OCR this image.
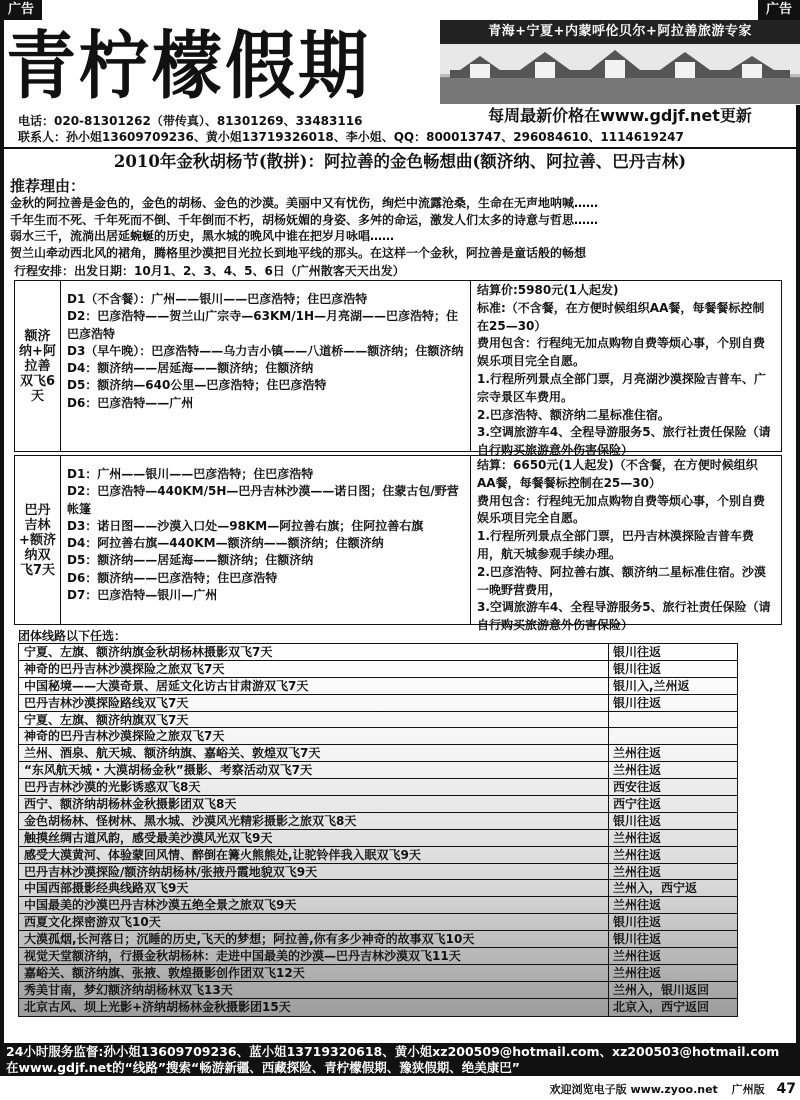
广告	广告
青柠檬假期	青海+宁夏+内蒙呼伦贝尔+阿拉善旅游专家
每周最新价格在www.gdjf.net更新
电话：020-81301262（带传真）、81301269、33483116
联系人：孙小姐13609709236、黄小姐13719326018、李小姐、QQ：800013747、296084610、1114619247
2010年金秋胡杨节(散拼)：阿拉善的金色畅想曲(额济纳、阿拉善、巴丹吉林)
推荐理由：

金秋的阿拉善是金色的，金色的胡杨、金色的沙漠。美丽中又有忧伤，绚烂中流露沧桑，生命在无声地呐喊……

千年生而不死、千年死而不倒、千年倒而不朽，胡杨妩媚的身姿、多舛的命运，激发人们太多的诗意与哲思……

弱水三千，流淌出居延蜿蜒的历史，黑水城的晚风中谁在把岁月咏唱……

贺兰山牵动西北风的裙角，腾格里沙漠把目光拉长到地平线的那头。在这样一个金秋，阿拉善是童话般的畅想

行程安排：出发日期：10月1、2、3、4、5、6日（广州散客天天出发）
额济纳+阿拉善双飞6天
D1（不含餐）：广州——银川——巴彦浩特；住巴彦浩特
D2：巴彦浩特——贺兰山广宗寺—63KM/1H—月亮湖——巴彦浩特；住巴彦浩特
D3（早午晚）：巴彦浩特——乌力吉小镇——八道桥——额济纳；住额济纳
D4：额济纳——居延海——额济纳；住额济纳
D5：额济纳—640公里—巴彦浩特；住巴彦浩特
D6：巴彦浩特——广州
结算价:5980元(1人起发)
标准:（不含餐，在方便时候组织AA餐，每餐餐标控制在25—30）
费用包含：行程纯无加点购物自费等烦心事，个别自费娱乐项目完全自愿。
1.行程所列景点全部门票，月亮湖沙漠探险吉普车、广宗寺景区车费用。
2.巴彦浩特、额济纳二星标准住宿。
3.空调旅游车4、全程导游服务5、旅行社责任保险（请自行购买旅游意外伤害保险）
巴丹吉林+额济纳双飞7天
D1：广州——银川——巴彦浩特；住巴彦浩特
D2：巴彦浩特—440KM/5H—巴丹吉林沙漠——诺日图；住蒙古包/野营帐篷
D3：诺日图——沙漠入口处—98KM—阿拉善右旗；住阿拉善右旗
D4：阿拉善右旗—440KM—额济纳——额济纳；住额济纳
D5：额济纳——居延海——额济纳；住额济纳
D6：额济纳——巴彦浩特；住巴彦浩特
D7：巴彦浩特—银川—广州
结算：6650元(1人起发)（不含餐，在方便时候组织AA餐，每餐餐标控制在25—30）
费用包含：行程纯无加点购物自费等烦心事，个别自费娱乐项目完全自愿。
1.行程所列景点全部门票，巴丹吉林漠探险吉普车费用，航天城参观手续办理。
2.巴彦浩特、阿拉善右旗、额济纳二星标准住宿。沙漠一晚野营费用，
3.空调旅游车4、全程导游服务5、旅行社责任保险（请自行购买旅游意外伤害保险）
团体线路以下任选：
宁夏、左旗、额济纳旗金秋胡杨林摄影双飞7天	银川往返
神奇的巴丹吉林沙漠探险之旅双飞7天	银川往返
中国秘境——大漠奇景、居延文化访古甘肃游双飞7天	银川入,兰州返
巴丹吉林沙漠探险路线双飞7天	银川往返
宁夏、左旗、额济纳旗双飞7天
神奇的巴丹吉林沙漠探险之旅双飞7天
兰州、酒泉、航天城、额济纳旗、嘉峪关、敦煌双飞7天	兰州往返
“东风航天城・大漠胡杨金秋”摄影、考察活动双飞7天	兰州往返
巴丹吉林沙漠的光影诱惑双飞8天	西安往返
西宁、额济纳胡杨林金秋摄影团双飞8天	西宁往返
金色胡杨林、怪树林、黑水城、沙漠风光精彩摄影之旅双飞8天	银川往返
触摸丝绸古道风韵，感受最美沙漠风光双飞9天	兰州往返
感受大漠黄河、体验蒙回风情、醉倒在篝火熊熊处,让驼铃伴我入眠双飞9天	兰州往返
巴丹吉林沙漠探险/额济纳胡杨林/张掖丹霞地貌双飞9天	兰州往返
中国西部摄影经典线路双飞9天	兰州入，西宁返
中国最美的沙漠巴丹吉林沙漠五绝全景之旅双飞9天	兰州往返
西夏文化探密游双飞10天	银川往返
大漠孤烟,长河落日；沉睡的历史,飞天的梦想；阿拉善,你有多少神奇的故事双飞10天	银川往返
视觉天堂额济纳，行摄金秋胡杨林：走进中国最美的沙漠—巴丹吉林沙漠双飞11天	兰州往返
嘉峪关、额济纳旗、张掖、敦煌摄影创作团双飞12天	兰州往返
秀美甘南，梦幻额济纳胡杨林双飞13天	兰州入，银川返回
北京古风、坝上光影+济纳胡杨林金秋摄影团15天	北京入，西宁返回
24小时服务监督:孙小姐13609709236、蓝小姐13719320618、黄小姐xz200509@hotmail.com、xz200503@hotmail.com
在www.gdjf.net的“线路”搜索“畅游新疆、西藏探险、青柠檬假期、豫狭假期、绝美康巴”
欢迎浏览电子版 www.zyoo.net 广州版 47
